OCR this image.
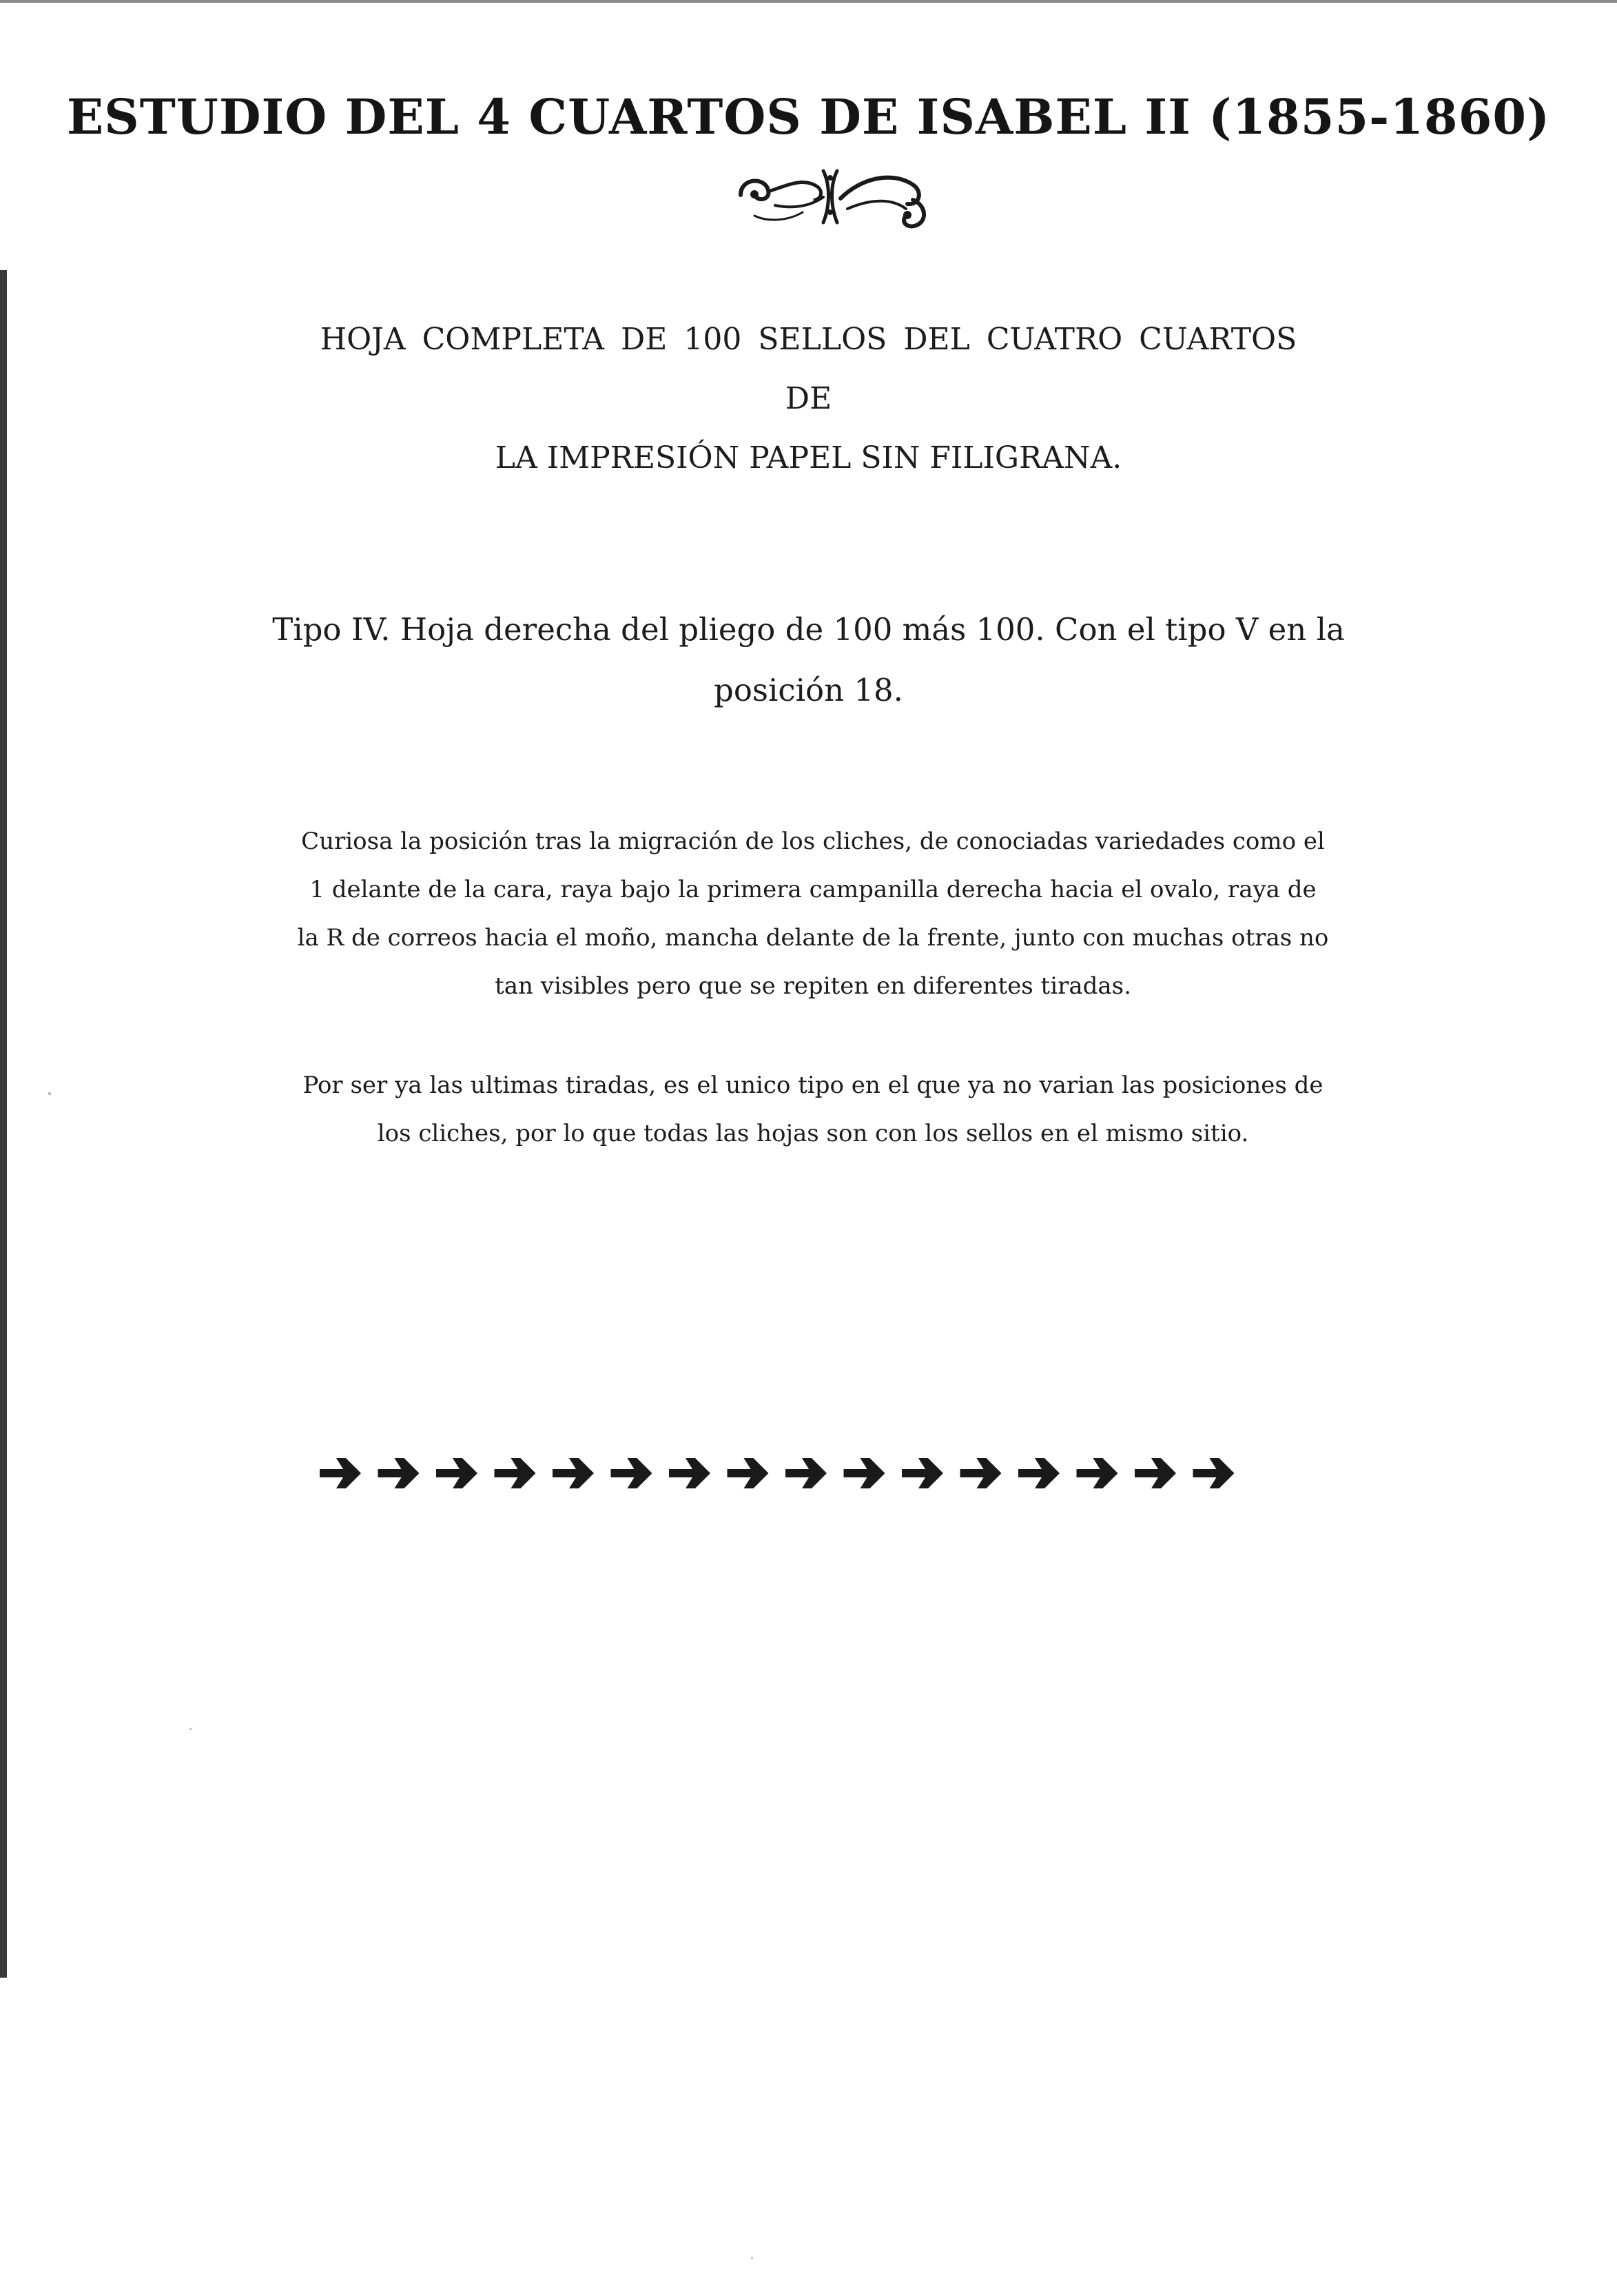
ESTUDIO DEL 4 CUARTOS DE ISABEL II (1855-1860)
HOJA COMPLETA DE 100 SELLOS DEL CUATRO CUARTOS
DE
LA IMPRESIÓN PAPEL SIN FILIGRANA.
Tipo IV. Hoja derecha del pliego de 100 más 100. Con el tipo V en la
posición 18.
Curiosa la posición tras la migración de los cliches, de conociadas variedades como el
1 delante de la cara, raya bajo la primera campanilla derecha hacia el ovalo, raya de
la R de correos hacia el moño, mancha delante de la frente, junto con muchas otras no
tan visibles pero que se repiten en diferentes tiradas.
Por ser ya las ultimas tiradas, es el unico tipo en el que ya no varian las posiciones de
los cliches, por lo que todas las hojas son con los sellos en el mismo sitio.
